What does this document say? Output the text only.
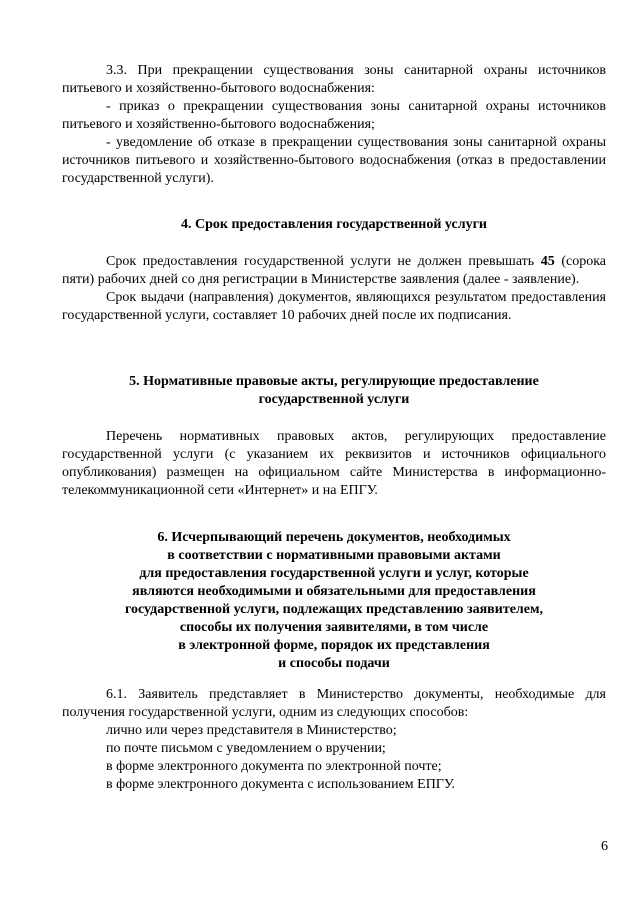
3.3. При прекращении существования зоны санитарной охраны источников питьевого и хозяйственно-бытового водоснабжения:

- приказ о прекращении существования зоны санитарной охраны источников питьевого и хозяйственно-бытового водоснабжения;

- уведомление об отказе в прекращении существования зоны санитарной охраны источников питьевого и хозяйственно-бытового водоснабжения (отказ в предоставлении государственной услуги).

4. Срок предоставления государственной услуги

Срок предоставления государственной услуги не должен превышать 45 (сорока пяти) рабочих дней со дня регистрации в Министерстве заявления (далее - заявление).

Срок выдачи (направления) документов, являющихся результатом предоставления государственной услуги, составляет 10 рабочих дней после их подписания.

5. Нормативные правовые акты, регулирующие предоставление
государственной услуги

Перечень нормативных правовых актов, регулирующих предоставление государственной услуги (с указанием их реквизитов и источников официального опубликования) размещен на официальном сайте Министерства в информационно-телекоммуникационной сети «Интернет» и на ЕПГУ.

6. Исчерпывающий перечень документов, необходимых
в соответствии с нормативными правовыми актами
для предоставления государственной услуги и услуг, которые
являются необходимыми и обязательными для предоставления
государственной услуги, подлежащих представлению заявителем,
способы их получения заявителями, в том числе
в электронной форме, порядок их представления
и способы подачи

6.1. Заявитель представляет в Министерство документы, необходимые для получения государственной услуги, одним из следующих способов:

лично или через представителя в Министерство;
по почте письмом с уведомлением о вручении;
в форме электронного документа по электронной почте;
в форме электронного документа с использованием ЕПГУ.
6
